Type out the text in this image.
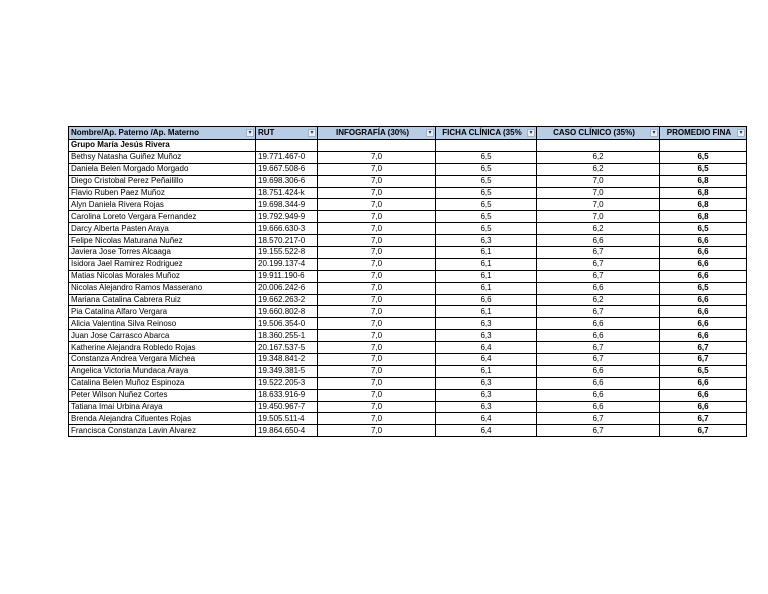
Nombre/Ap. Paterno /Ap. Materno ▾	RUT ▾	INFOGRAFÍA (30%) ▾	FICHA CLÍNICA (35% ▾	CASO CLÍNICO (35%) ▾	PROMEDIO FINA ▾

Grupo María Jesús Rivera					
Bethsy Natasha Guiñez Muñoz	19.771.467-0	7,0	6,5	6,2	6,5
Daniela Belen Morgado Morgado	19.667.508-6	7,0	6,5	6,2	6,5
Diego Cristobal Perez Peñailillo	19.698.306-6	7,0	6,5	7,0	6,8
Flavio Ruben Paez Muñoz	18.751.424-k	7,0	6,5	7,0	6,8
Alyn Daniela Rivera Rojas	19.698.344-9	7,0	6,5	7,0	6,8
Carolina Loreto Vergara Fernandez	19.792.949-9	7,0	6,5	7,0	6,8
Darcy Alberta Pasten Araya	19.666.630-3	7,0	6,5	6,2	6,5
Felipe Nicolas Maturana Nuñez	18.570.217-0	7,0	6,3	6,6	6,6
Javiera Jose Torres Alcaaga	19.155.522-8	7,0	6,1	6,7	6,6
Isidora Jael Ramirez Rodriguez	20.199.137-4	7,0	6,1	6,7	6,6
Matias Nicolas Morales Muñoz	19.911.190-6	7,0	6,1	6,7	6,6
Nicolas Alejandro Ramos Masserano	20.006.242-6	7,0	6,1	6,6	6,5
Mariana Catalina Cabrera Ruiz	19.662.263-2	7,0	6,6	6,2	6,6
Pia Catalina Alfaro Vergara	19.660.802-8	7,0	6,1	6,7	6,6
Alicia Valentina Silva Reinoso	19.506.354-0	7,0	6,3	6,6	6,6
Juan Jose Carrasco Abarca	18.360.255-1	7,0	6,3	6,6	6,6
Katherine Alejandra Robledo Rojas	20.167.537-5	7,0	6,4	6,7	6,7
Constanza Andrea Vergara Michea	19.348.841-2	7,0	6,4	6,7	6,7
Angelica Victoria Mundaca Araya	19.349.381-5	7,0	6,1	6,6	6,5
Catalina Belen Muñoz Espinoza	19.522.205-3	7,0	6,3	6,6	6,6
Peter Wilson Nuñez Cortes	18.633.916-9	7,0	6,3	6,6	6,6
Tatiana Imai Urbina Araya	19.450.967-7	7,0	6,3	6,6	6,6
Brenda Alejandra Cifuentes Rojas	19.505.511-4	7,0	6,4	6,7	6,7
Francisca Constanza Lavin Alvarez	19.864.650-4	7,0	6,4	6,7	6,7
